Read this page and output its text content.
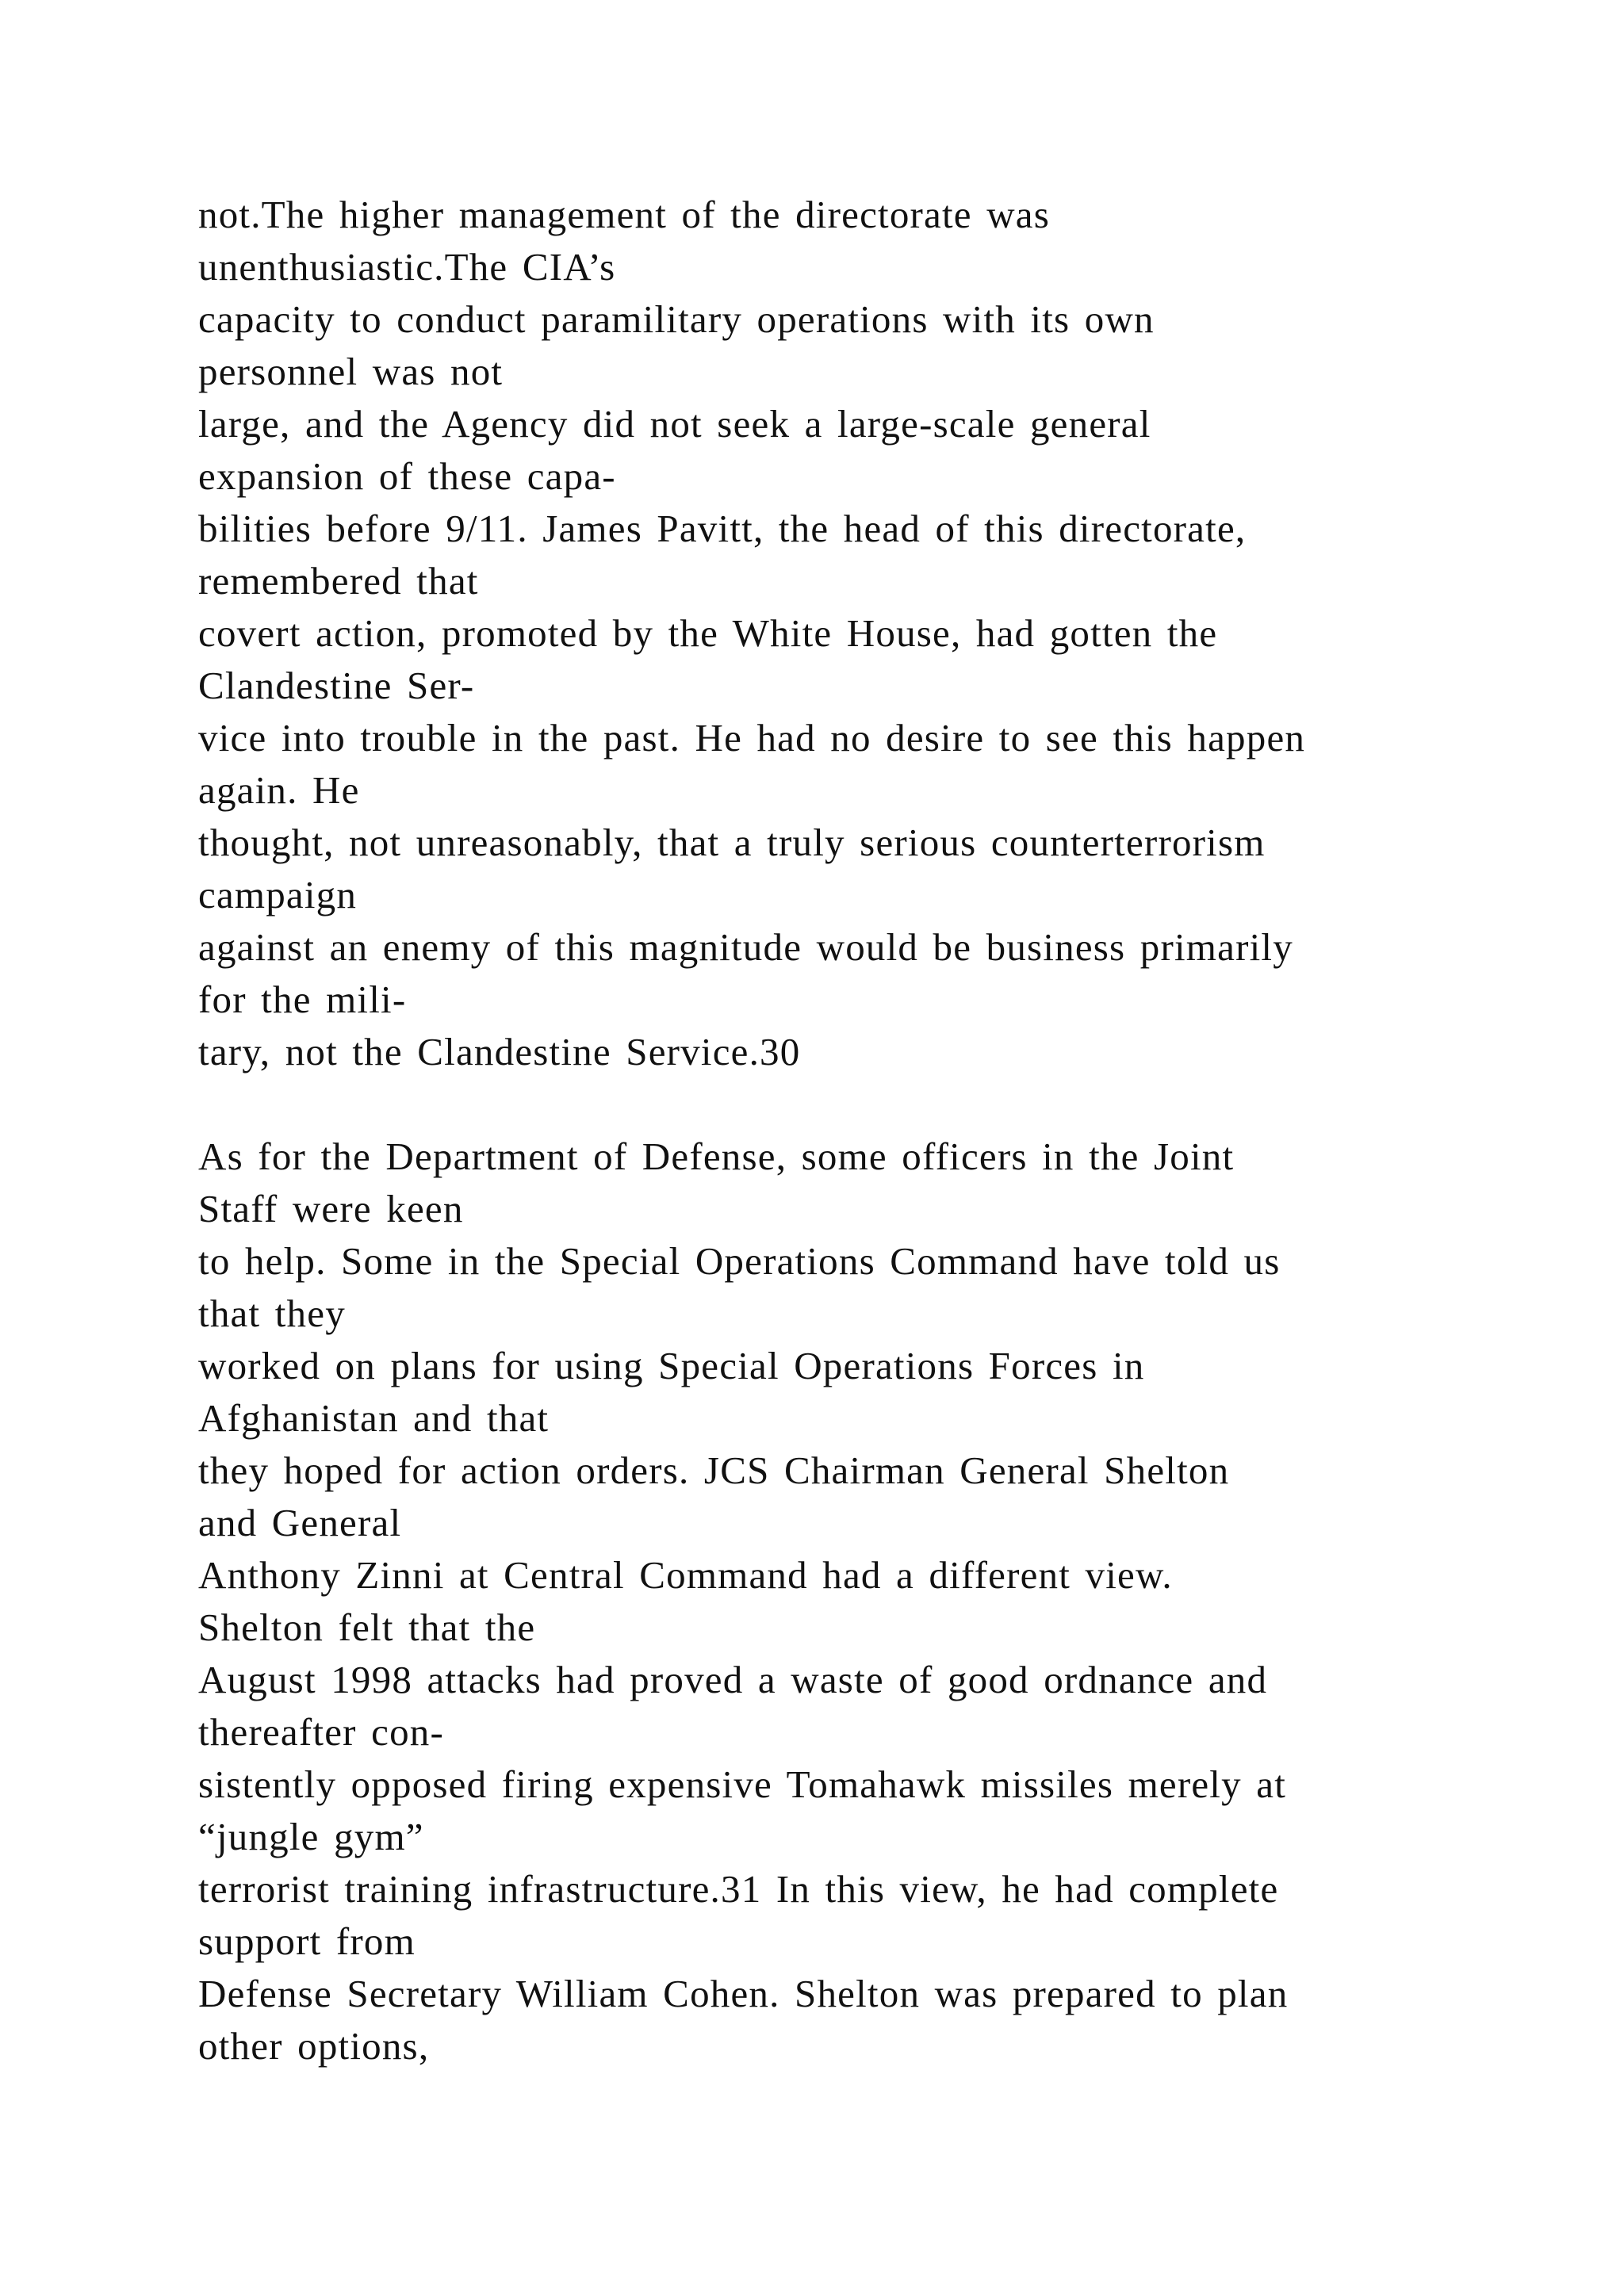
not.The higher management of the directorate was
unenthusiastic.The CIA’s
capacity to conduct paramilitary operations with its own
personnel was not
large, and the Agency did not seek a large-scale general
expansion of these capa-
bilities before 9/11. James Pavitt, the head of this directorate,
remembered that
covert action, promoted by the White House, had gotten the
Clandestine Ser-
vice into trouble in the past. He had no desire to see this happen
again. He
thought, not unreasonably, that a truly serious counterterrorism
campaign
against an enemy of this magnitude would be business primarily
for the mili-
tary, not the Clandestine Service.30
As for the Department of Defense, some officers in the Joint
Staff were keen
to help. Some in the Special Operations Command have told us
that they
worked on plans for using Special Operations Forces in
Afghanistan and that
they hoped for action orders. JCS Chairman General Shelton
and General
Anthony Zinni at Central Command had a different view.
Shelton felt that the
August 1998 attacks had proved a waste of good ordnance and
thereafter con-
sistently opposed firing expensive Tomahawk missiles merely at
“jungle gym”
terrorist training infrastructure.31 In this view, he had complete
support from
Defense Secretary William Cohen. Shelton was prepared to plan
other options,
